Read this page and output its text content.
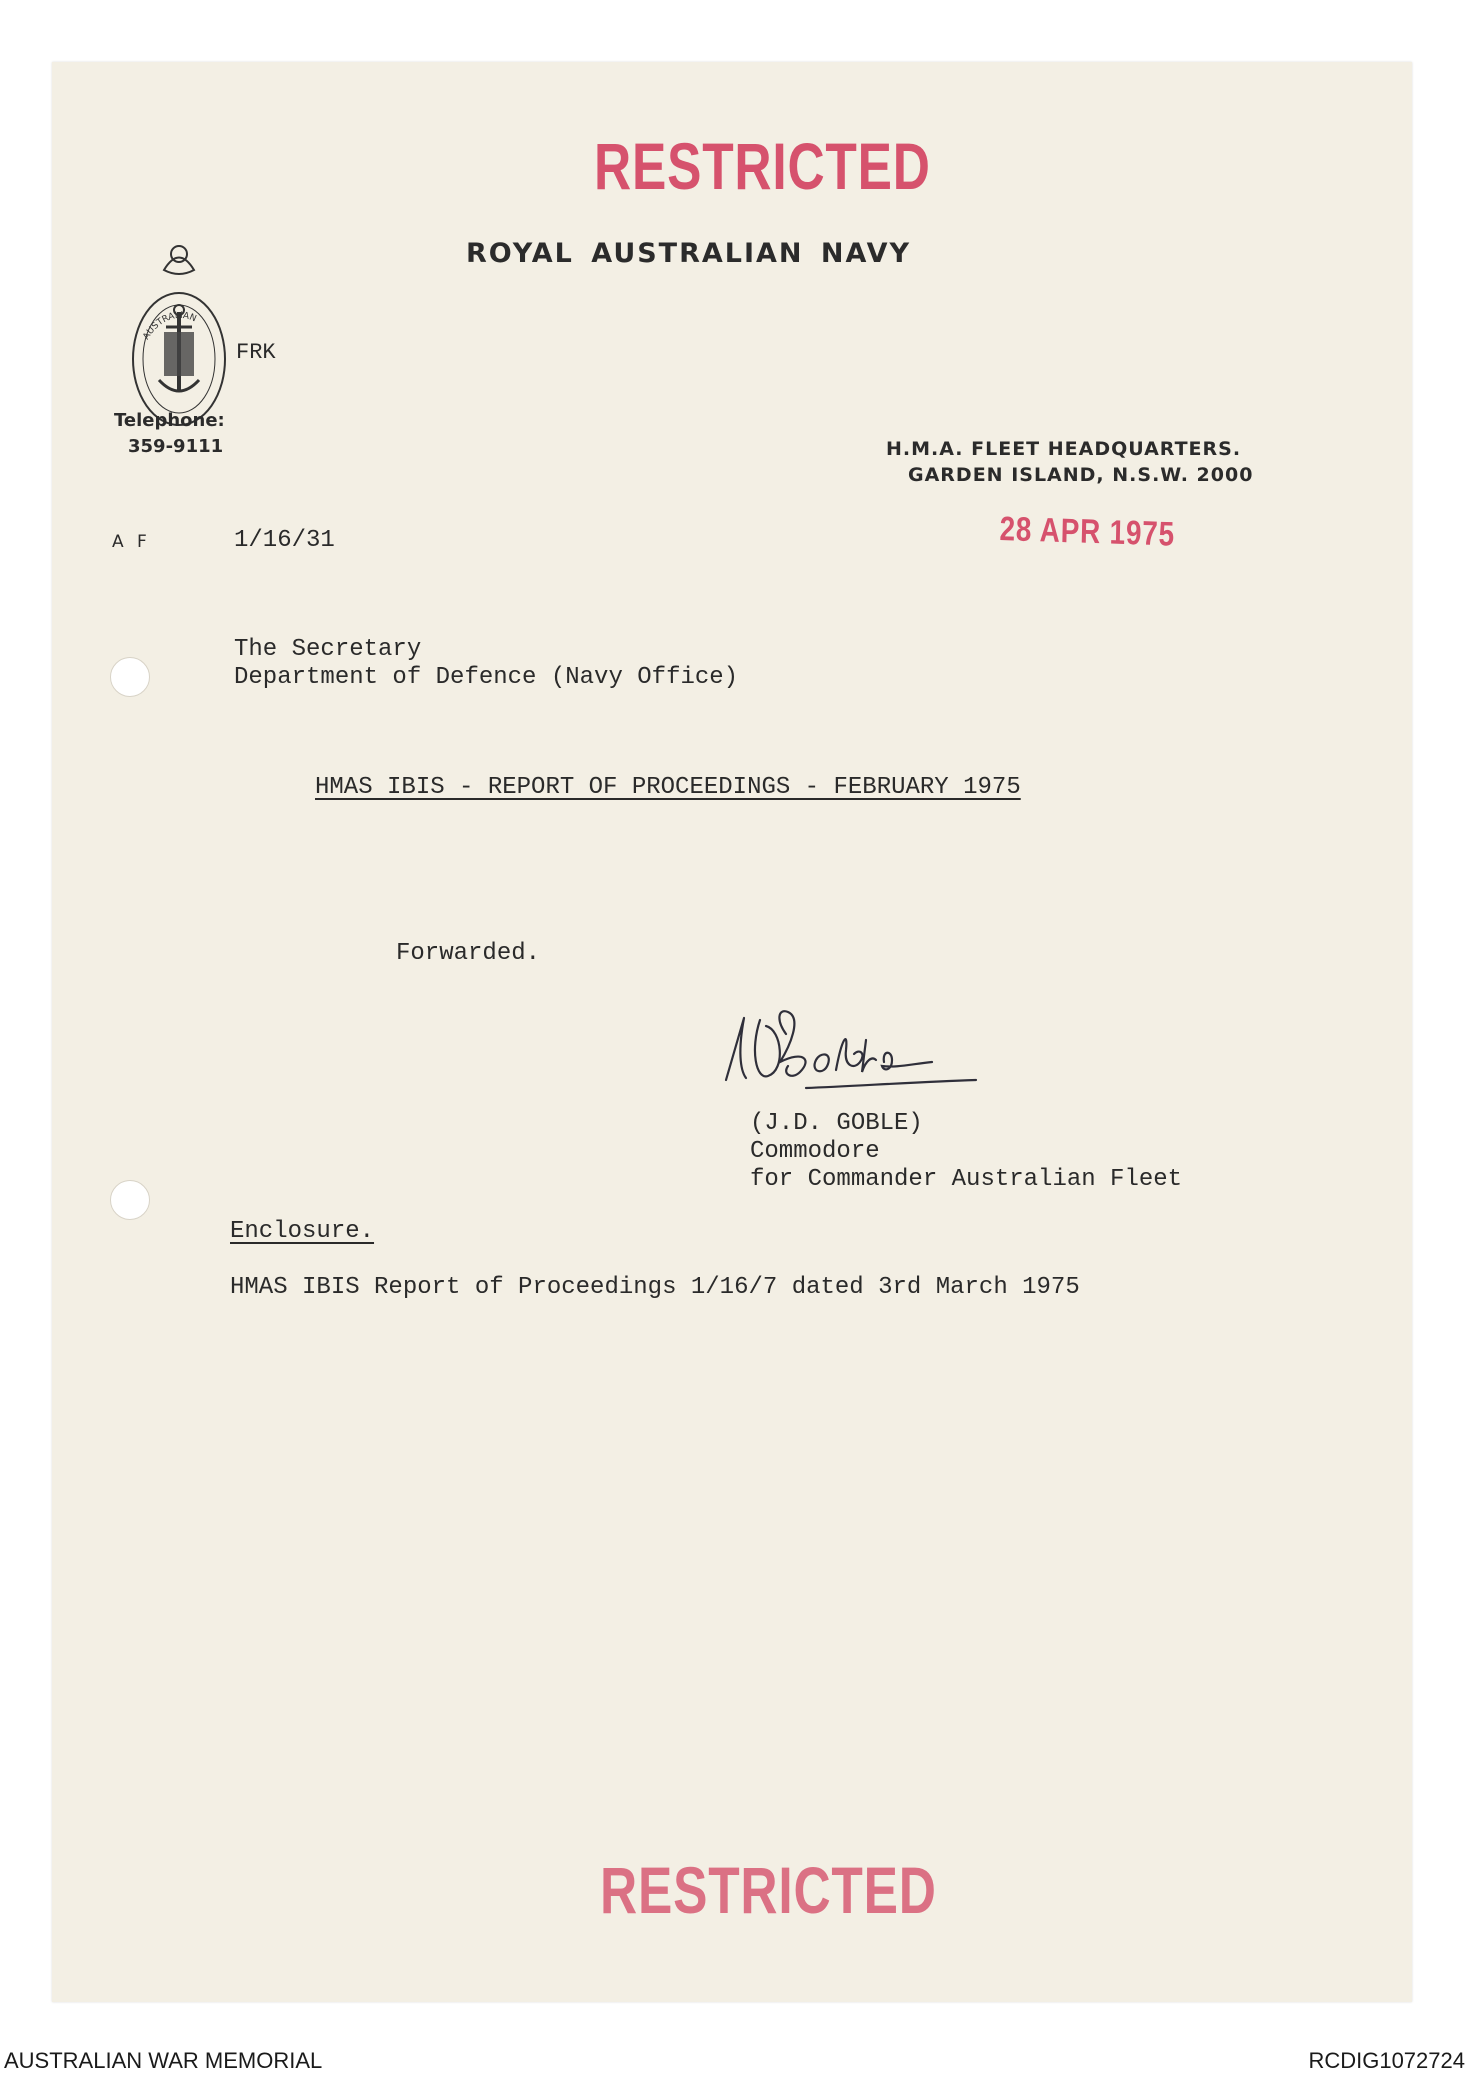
RESTRICTED
ROYAL AUSTRALIAN NAVY
AUSTRALIAN
FRK
Telephone:
359-9111	H.M.A. FLEET HEADQUARTERS.
GARDEN ISLAND, N.S.W. 2000
28 APR 1975
A F	1/16/31
The Secretary
Department of Defence (Navy Office)
HMAS IBIS - REPORT OF PROCEEDINGS - FEBRUARY 1975
Forwarded.
(J.D. GOBLE)
Commodore
for Commander Australian Fleet
Enclosure.
HMAS IBIS Report of Proceedings 1/16/7 dated 3rd March 1975
RESTRICTED
AUSTRALIAN WAR MEMORIAL	RCDIG1072724
